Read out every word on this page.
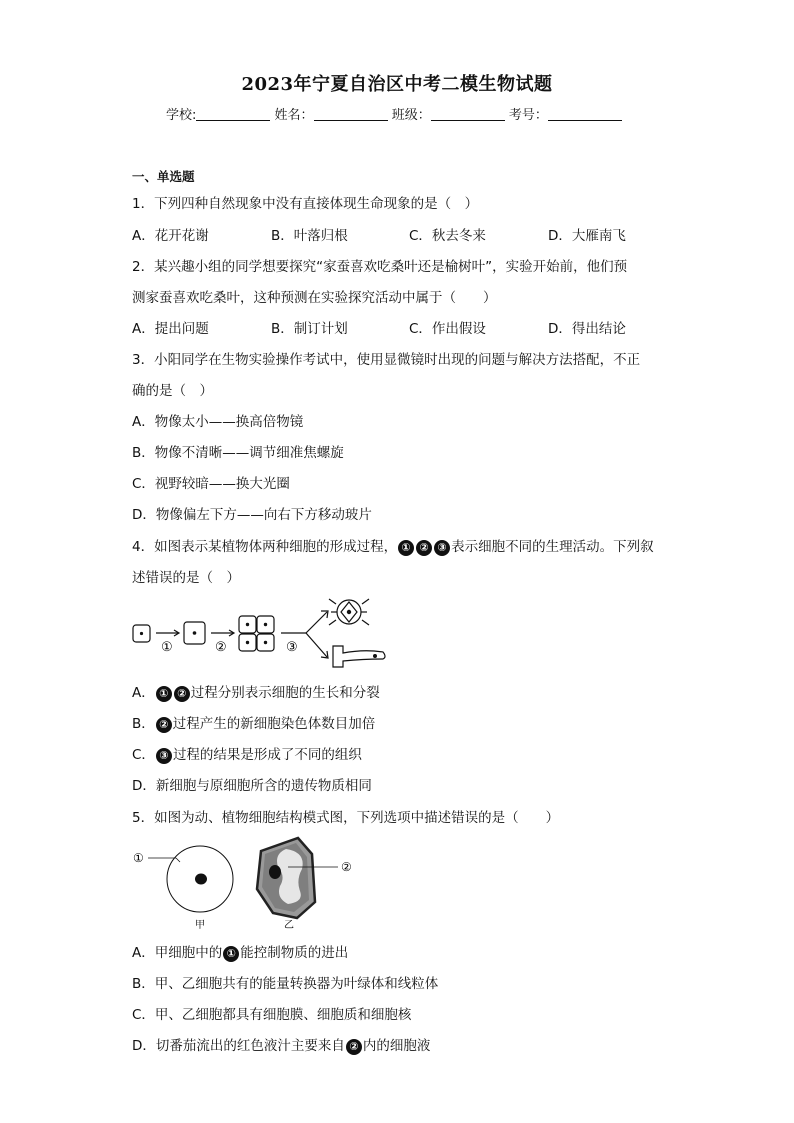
2023年宁夏自治区中考二模生物试题
学校:	姓名：	班级：	考号：
一、单选题
1．下列四种自然现象中没有直接体现生命现象的是（　）
A．花开花谢	B．叶落归根	C．秋去冬来	D．大雁南飞
2．某兴趣小组的同学想要探究“家蚕喜欢吃桑叶还是榆树叶”，实验开始前，他们预
测家蚕喜欢吃桑叶，这种预测在实验探究活动中属于（　　）
A．提出问题	B．制订计划	C．作出假设	D．得出结论
3．小阳同学在生物实验操作考试中，使用显微镜时出现的问题与解决方法搭配，不正
确的是（　）
A．物像太小——换高倍物镜
B．物像不清晰——调节细准焦螺旋
C．视野较暗——换大光圈
D．物像偏左下方——向右下方移动玻片
4．如图表示某植物体两种细胞的形成过程， ① ② ③ 表示细胞不同的生理活动。下列叙
述错误的是（　）
①	②	③
A． ① ② 过程分别表示细胞的生长和分裂
B． ② 过程产生的新细胞染色体数目加倍
C． ③ 过程的结果是形成了不同的组织
D．新细胞与原细胞所含的遗传物质相同
5．如图为动、植物细胞结构模式图，下列选项中描述错误的是（　　）
①
甲
②
乙
A．甲细胞中的 ① 能控制物质的进出
B．甲、乙细胞共有的能量转换器为叶绿体和线粒体
C．甲、乙细胞都具有细胞膜、细胞质和细胞核
D．切番茄流出的红色液汁主要来自 ② 内的细胞液
